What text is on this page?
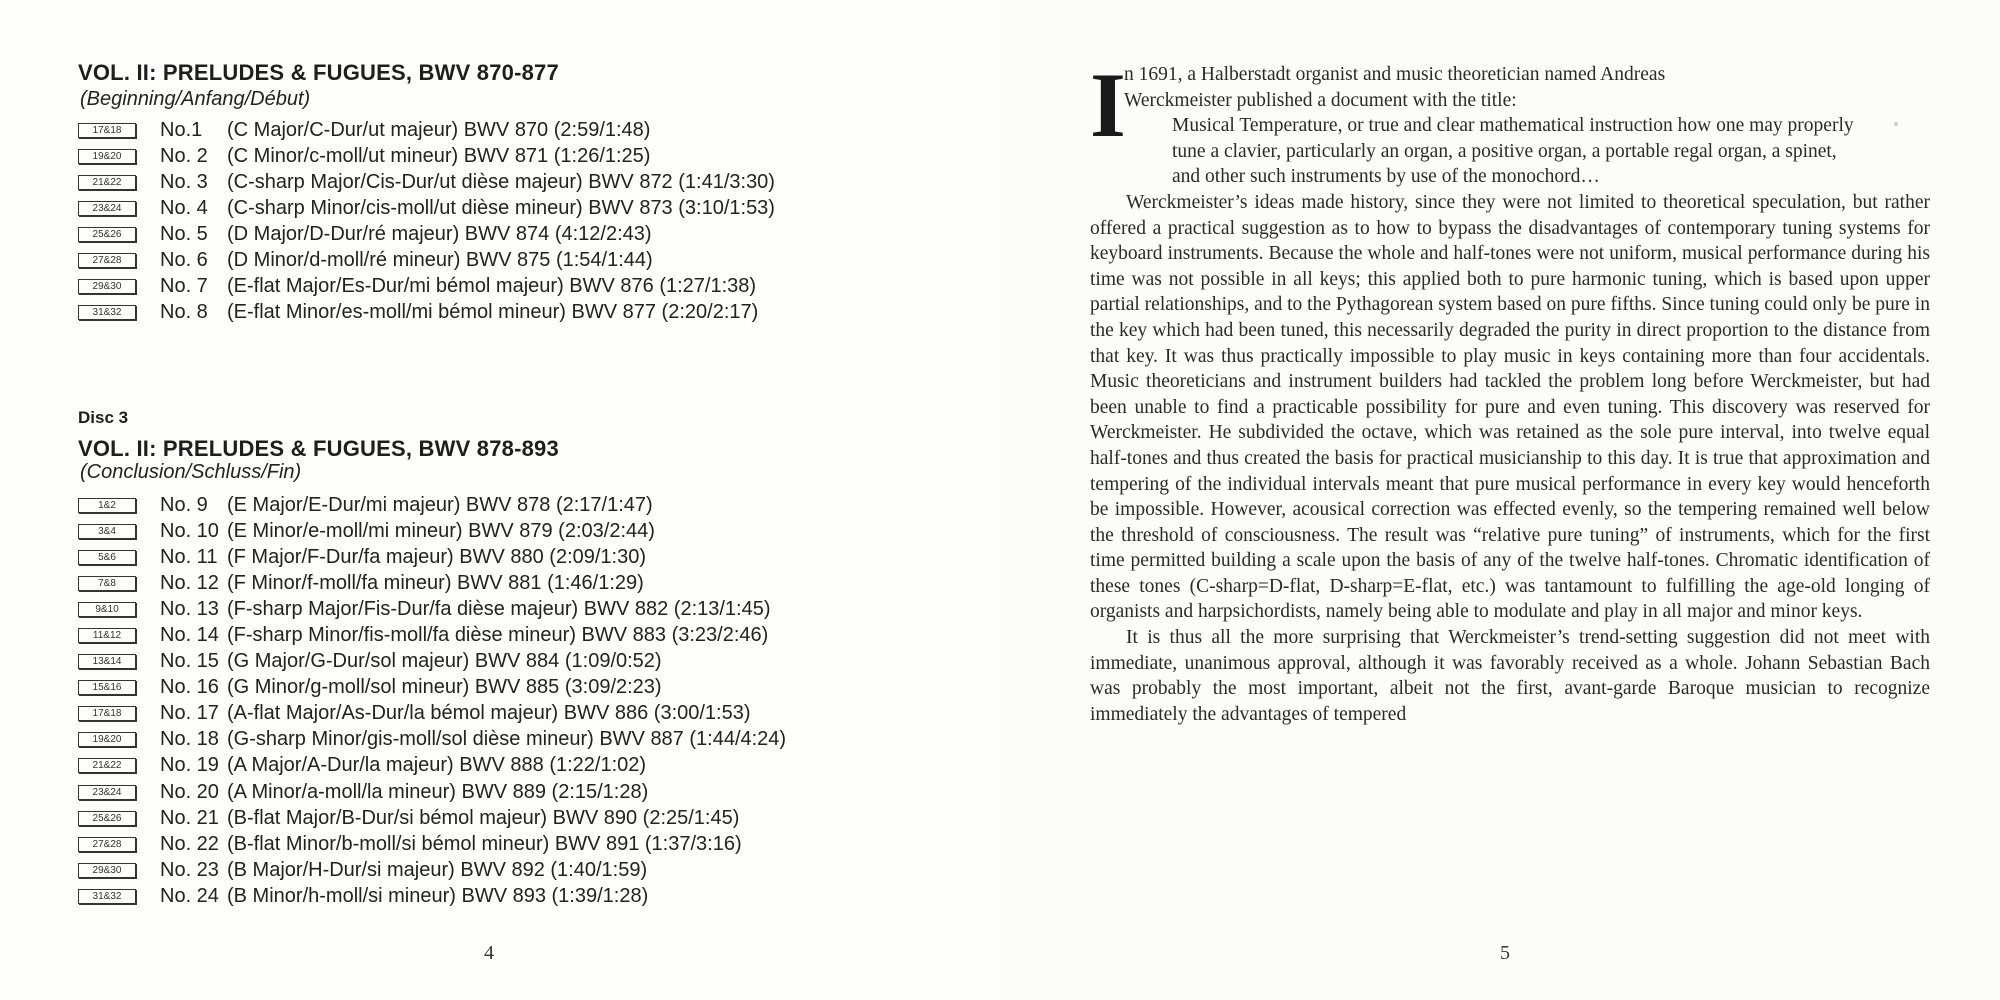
VOL. II: PRELUDES & FUGUES, BWV 870-877
(Beginning/Anfang/Début)
17&18	No.1	(C Major/C-Dur/ut majeur) BWV 870 (2:59/1:48)
19&20	No. 2 (C Minor/c-moll/ut mineur) BWV 871 (1:26/1:25)
21&22	No. 3 (C-sharp Major/Cis-Dur/ut dièse majeur) BWV 872 (1:41/3:30)
23&24	No. 4 (C-sharp Minor/cis-moll/ut dièse mineur) BWV 873 (3:10/1:53)
25&26	No. 5 (D Major/D-Dur/ré majeur) BWV 874 (4:12/2:43)
27&28	No. 6 (D Minor/d-moll/ré mineur) BWV 875 (1:54/1:44)
29&30	No. 7 (E-flat Major/Es-Dur/mi bémol majeur) BWV 876 (1:27/1:38)
31&32	No. 8 (E-flat Minor/es-moll/mi bémol mineur) BWV 877 (2:20/2:17)
Disc 3
VOL. II: PRELUDES & FUGUES, BWV 878-893
(Conclusion/Schluss/Fin)
1&2	No. 9 (E Major/E-Dur/mi majeur) BWV 878 (2:17/1:47)
3&4	No. 10 (E Minor/e-moll/mi mineur) BWV 879 (2:03/2:44)
5&6	No. 11 (F Major/F-Dur/fa majeur) BWV 880 (2:09/1:30)
7&8	No. 12 (F Minor/f-moll/fa mineur) BWV 881 (1:46/1:29)
9&10	No. 13 (F-sharp Major/Fis-Dur/fa dièse majeur) BWV 882 (2:13/1:45)
11&12	No. 14 (F-sharp Minor/fis-moll/fa dièse mineur) BWV 883 (3:23/2:46)
13&14	No. 15 (G Major/G-Dur/sol majeur) BWV 884 (1:09/0:52)
15&16	No. 16 (G Minor/g-moll/sol mineur) BWV 885 (3:09/2:23)
17&18	No. 17 (A-flat Major/As-Dur/la bémol majeur) BWV 886 (3:00/1:53)
19&20	No. 18 (G-sharp Minor/gis-moll/sol dièse mineur) BWV 887 (1:44/4:24)
21&22	No. 19 (A Major/A-Dur/la majeur) BWV 888 (1:22/1:02)
23&24	No. 20 (A Minor/a-moll/la mineur) BWV 889 (2:15/1:28)
25&26	No. 21 (B-flat Major/B-Dur/si bémol majeur) BWV 890 (2:25/1:45)
27&28	No. 22 (B-flat Minor/b-moll/si bémol mineur) BWV 891 (1:37/3:16)
29&30	No. 23 (B Major/H-Dur/si majeur) BWV 892 (1:40/1:59)
31&32	No. 24 (B Minor/h-moll/si mineur) BWV 893 (1:39/1:28)
4	5
I
n 1691, a Halberstadt organist and music theoretician named Andreas
Werckmeister published a document with the title:

Musical Temperature, or true and clear mathematical instruction how one may properly tune a clavier, particularly an organ, a positive organ, a portable regal organ, a spinet, and other such instruments by use of the monochord…

Werckmeister’s ideas made history, since they were not limited to theoretical speculation, but rather offered a practical suggestion as to how to bypass the disadvantages of contemporary tuning systems for keyboard instruments. Because the whole and half-tones were not uniform, musical performance during his time was not possible in all keys; this applied both to pure harmonic tuning, which is based upon upper partial relationships, and to the Pythagorean system based on pure fifths. Since tuning could only be pure in the key which had been tuned, this necessarily degraded the purity in direct proportion to the distance from that key. It was thus practically impossible to play music in keys containing more than four accidentals. Music theoreticians and instrument builders had tackled the problem long before Werckmeister, but had been unable to find a practicable possibility for pure and even tuning. This discovery was reserved for Werckmeister. He subdivided the octave, which was retained as the sole pure interval, into twelve equal half-tones and thus created the basis for practical musicianship to this day. It is true that approximation and tempering of the individual intervals meant that pure musical performance in every key would henceforth be impossible. However, acousical correction was effected evenly, so the tempering remained well below the threshold of consciousness. The result was “relative pure tuning” of instruments, which for the first time permitted building a scale upon the basis of any of the twelve half-tones. Chromatic identification of these tones (C-sharp=D-flat, D-sharp=E-flat, etc.) was tantamount to fulfilling the age-old longing of organists and harpsichordists, namely being able to modulate and play in all major and minor keys.

It is thus all the more surprising that Werckmeister’s trend-setting suggestion did not meet with immediate, unanimous approval, although it was favorably received as a whole. Johann Sebastian Bach was probably the most important, albeit not the first, avant-garde Baroque musician to recognize immediately the advantages of tempered
